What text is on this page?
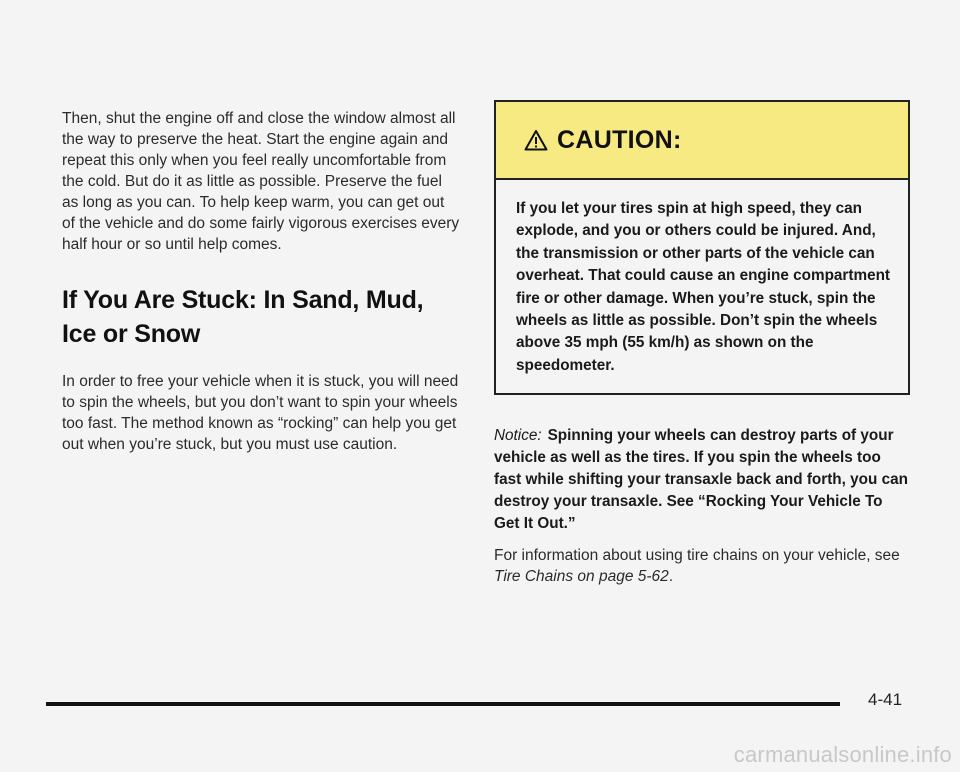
Then, shut the engine off and close the window almost all the way to preserve the heat. Start the engine again and repeat this only when you feel really uncomfortable from the cold. But do it as little as possible. Preserve the fuel as long as you can. To help keep warm, you can get out of the vehicle and do some fairly vigorous exercises every half hour or so until help comes.

If You Are Stuck: In Sand, Mud, Ice or Snow

In order to free your vehicle when it is stuck, you will need to spin the wheels, but you don’t want to spin your wheels too fast. The method known as “rocking” can help you get out when you’re stuck, but you must use caution.

CAUTION:
If you let your tires spin at high speed, they can explode, and you or others could be injured. And, the transmission or other parts of the vehicle can overheat. That could cause an engine compartment fire or other damage. When you’re stuck, spin the wheels as little as possible. Don’t spin the wheels above 35 mph (55 km/h) as shown on the speedometer.

Notice: Spinning your wheels can destroy parts of your vehicle as well as the tires. If you spin the wheels too fast while shifting your transaxle back and forth, you can destroy your transaxle. See “Rocking Your Vehicle To Get It Out.”

For information about using tire chains on your vehicle, see Tire Chains on page 5-62.

4-41
carmanualsonline.info
